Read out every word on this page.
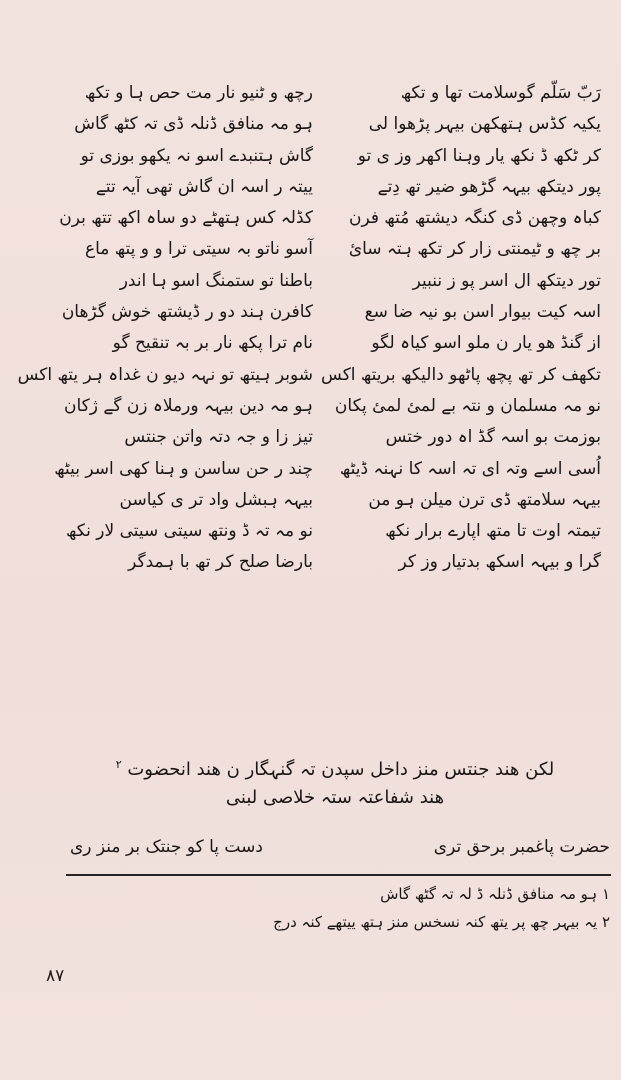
رَبّ سَلّم گوسلامت تھا و تکھ
یکیہ کڈس ہتھکھن بیہر پڑھوا لی
کر ٹکھ ڈ نکھ یار وہنا اکھر وز ی تو
پور دیتکھ بیہہ گڑھو ضیر تھ دِتے
کباہ وچھن ڈی کنگہ دیشتھ مُتھ فرن
بر چھ و ٹیمنتی زار کر تکھ ہتہ سائ
تور دیتکھ ال اسر پو ز ننبیر
اسہ کیت بیوار اسن بو نیہ ضا سع
از گنڈ ھو یار ن ملو اسو کیاہ لگو
تکھف کر تھ پچھ پاٹھو دالیکھ بریتھ اکس
نو مہ مسلمان و نتہ بے لمئ لمئ پکان
بوزمت بو اسہ گڈ اہ دور ختس
اُسی اسے وتہ ای تہ اسہ کا نہنہ ڈیٹھ
بیہہ سلامتھ ڈی ترن میلن ہو من
تیمتہ اوت تا متھ اپارے برار نکھ
گرا و بیہہ اسکھ بدتیار وز کر
رچھ و ٹنیو نار مت حص ہا و تکھ
ہو مہ منافق ڈنلہ ڈی تہ کٹھ گاش
گاش ہتنبدے اسو نہ یکھو بوزی تو
ییتہ ر اسہ ان گاش تھی آیہ تتے
کڈلہ کس ہتھٹے دو ساہ اکھ تتھ برن
آسو ناتو بہ سیتی ترا و و پتھ ماع
باطنا تو ستمنگ اسو ہا اندر
کافرن ہند دو ر ڈیشتھ خوش گڑھان
نام ترا پکھ نار بر بہ تنقیح گو
شوبر ہیتھ تو نہہ دیو ن غداہ ہر یتھ اکس
ہو مہ دین بیہہ ورملاہ زن گے ژکان
تیز زا و جہ دتہ واتن جنتس
چند ر حن ساسن و ہنا کھی اسر بیٹھ
بیہہ ہبشل واد تر ی کیاسن
نو مہ تہ ڈ ونتھ سیتی سیتی لار نکھ
بارضا صلح کر تھ با ہمدگر
لکن ھند جنتس منز داخل سپدن تہ گنہگار ن ھند انحضوت $^۲$
ھند شفاعتہ ستہ خلاصی لبنی
حضرت پاغمبر برحق تری
دست پا کو جنتک بر منز ری
۱ ہو مہ منافق ڈنلہ ڈ لہ تہ گٹھ گاش
۲ یہ بیہر چھ پر یتھ کنہ نسخس منز ہتھ ییتھے کنہ درج
۸۷
